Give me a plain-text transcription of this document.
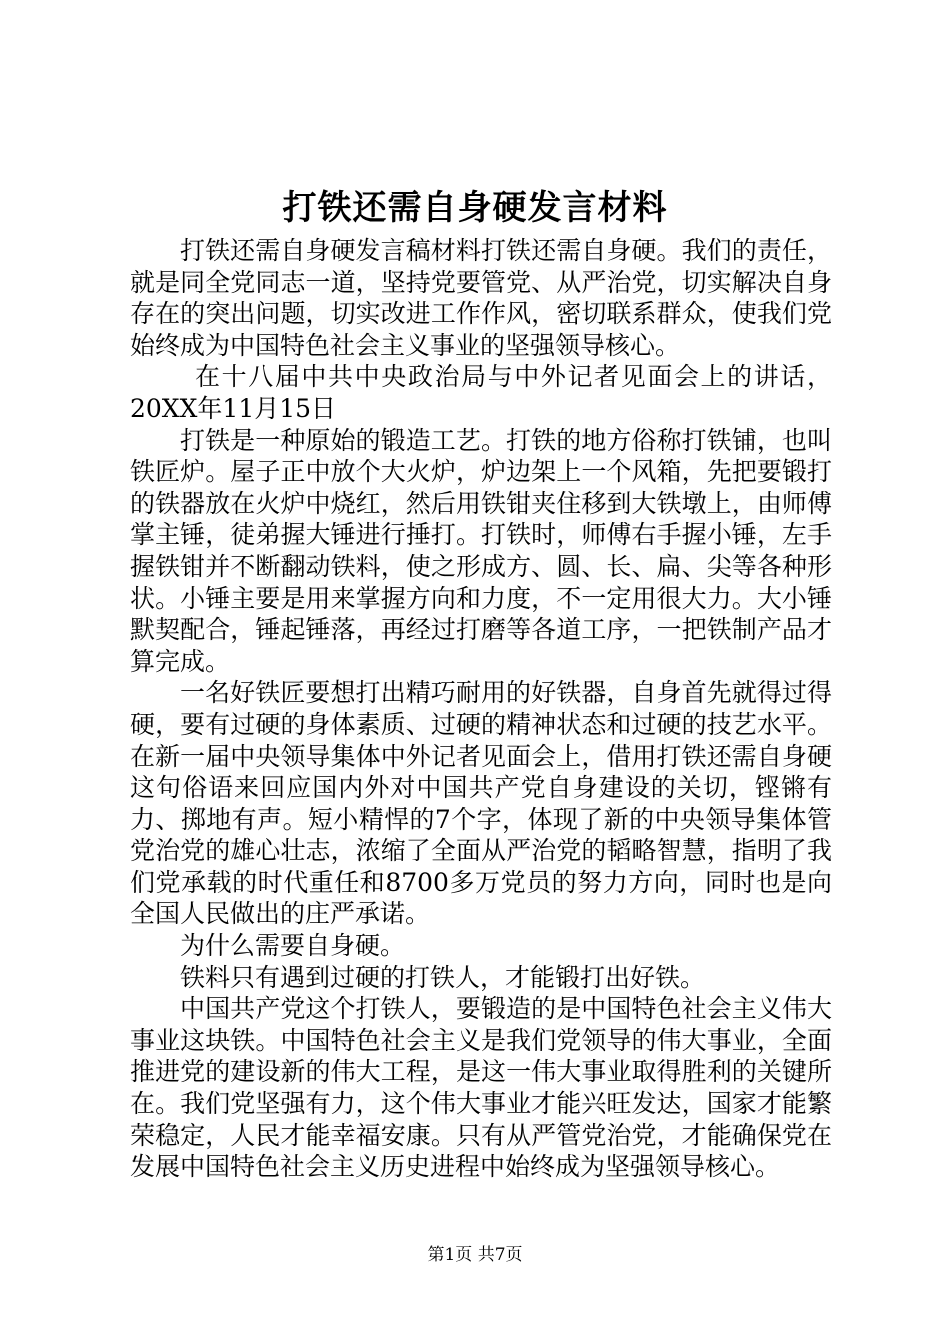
打铁还需自身硬发言材料

打铁还需自身硬发言稿材料打铁还需自身硬。我们的责任，就是同全党同志一道，坚持党要管党、从严治党，切实解决自身存在的突出问题，切实改进工作作风，密切联系群众，使我们党始终成为中国特色社会主义事业的坚强领导核心。

在十八届中共中央政治局与中外记者见面会上的讲话，20XX年11月15日

打铁是一种原始的锻造工艺。打铁的地方俗称打铁铺，也叫铁匠炉。屋子正中放个大火炉，炉边架上一个风箱，先把要锻打的铁器放在火炉中烧红，然后用铁钳夹住移到大铁墩上，由师傅掌主锤，徒弟握大锤进行捶打。打铁时，师傅右手握小锤，左手握铁钳并不断翻动铁料，使之形成方、圆、长、扁、尖等各种形状。小锤主要是用来掌握方向和力度，不一定用很大力。大小锤默契配合，锤起锤落，再经过打磨等各道工序，一把铁制产品才算完成。

一名好铁匠要想打出精巧耐用的好铁器，自身首先就得过得硬，要有过硬的身体素质、过硬的精神状态和过硬的技艺水平。在新一届中央领导集体中外记者见面会上，借用打铁还需自身硬这句俗语来回应国内外对中国共产党自身建设的关切，铿锵有力、掷地有声。短小精悍的7个字，体现了新的中央领导集体管党治党的雄心壮志，浓缩了全面从严治党的韬略智慧，指明了我们党承载的时代重任和8700多万党员的努力方向，同时也是向全国人民做出的庄严承诺。

为什么需要自身硬。

铁料只有遇到过硬的打铁人，才能锻打出好铁。

中国共产党这个打铁人，要锻造的是中国特色社会主义伟大事业这块铁。中国特色社会主义是我们党领导的伟大事业，全面推进党的建设新的伟大工程，是这一伟大事业取得胜利的关键所在。我们党坚强有力，这个伟大事业才能兴旺发达，国家才能繁荣稳定，人民才能幸福安康。只有从严管党治党，才能确保党在发展中国特色社会主义历史进程中始终成为坚强领导核心。

第1页 共7页
